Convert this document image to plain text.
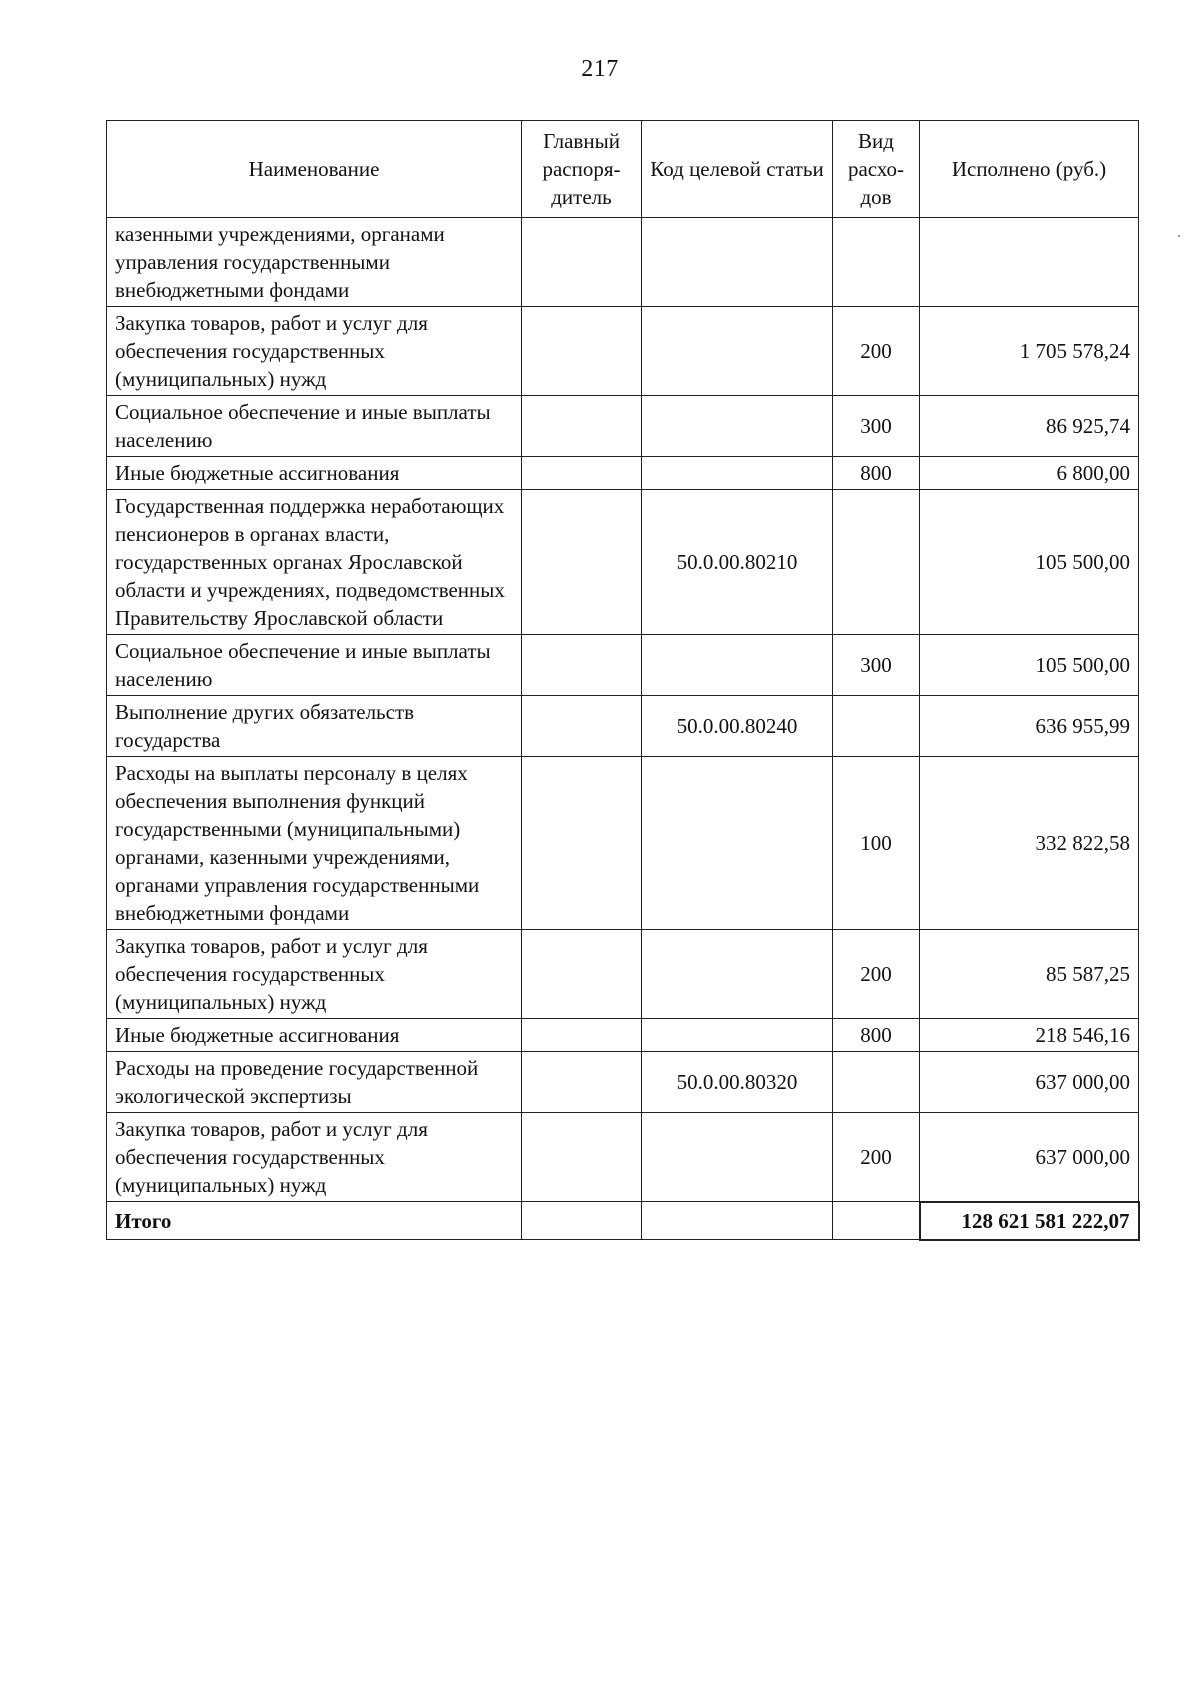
217
Наименование	Главный распоря- дитель	Код целевой статьи	Вид расхо- дов	Исполнено (руб.)
казенными учреждениями, органами управления государственными внебюджетными фондами				
Закупка товаров, работ и услуг для обеспечения государственных (муниципальных) нужд			200	1 705 578,24
Социальное обеспечение и иные выплаты населению			300	86 925,74
Иные бюджетные ассигнования			800	6 800,00
Государственная поддержка неработающих пенсионеров в органах власти, государственных органах Ярославской области и учреждениях, подведомственных Правительству Ярославской области		50.0.00.80210		105 500,00
Социальное обеспечение и иные выплаты населению			300	105 500,00
Выполнение других обязательств государства		50.0.00.80240		636 955,99
Расходы на выплаты персоналу в целях обеспечения выполнения функций государственными (муниципальными) органами, казенными учреждениями, органами управления государственными внебюджетными фондами			100	332 822,58
Закупка товаров, работ и услуг для обеспечения государственных (муниципальных) нужд			200	85 587,25
Иные бюджетные ассигнования			800	218 546,16
Расходы на проведение государственной экологической экспертизы		50.0.00.80320		637 000,00
Закупка товаров, работ и услуг для обеспечения государственных (муниципальных) нужд			200	637 000,00
Итого				128 621 581 222,07
